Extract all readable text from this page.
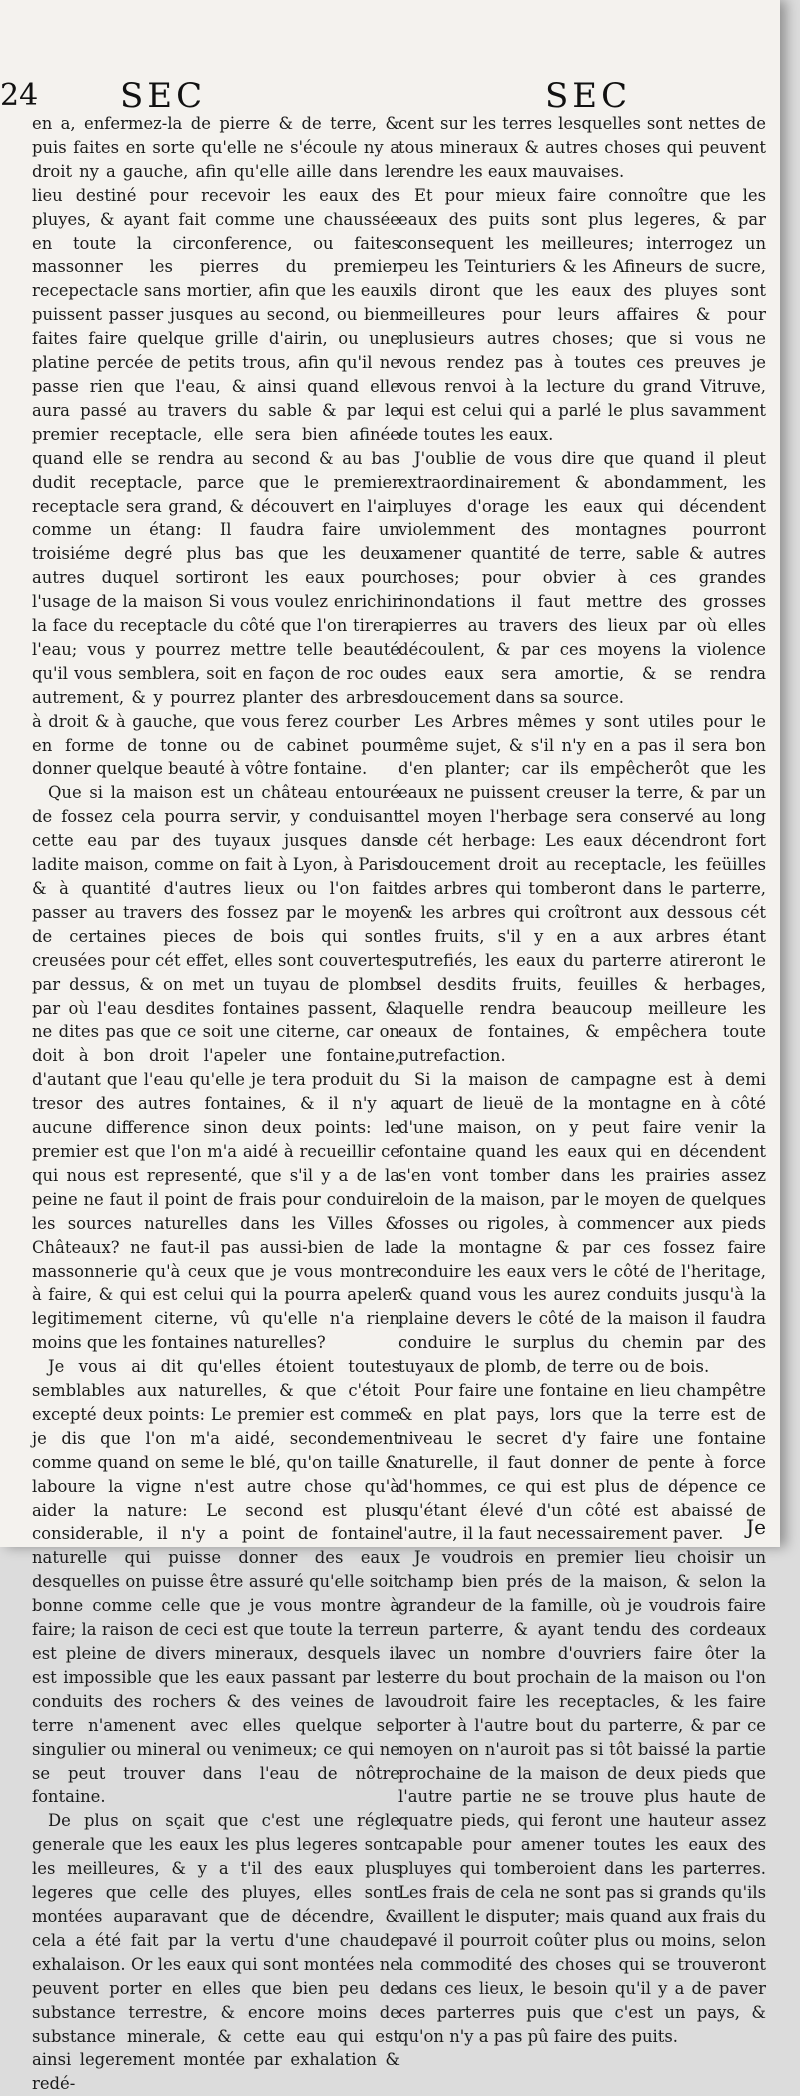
24 SEC	SEC

en a, enfermez-la de pierre & de terre, & puis faites en sorte qu'elle ne s'écoule ny a droit ny a gauche, afin qu'elle aille dans le lieu destiné pour recevoir les eaux des pluyes, & ayant fait comme une chaussée en toute la circonference, ou faites massonner les pierres du premier recepectacle sans mortier, afin que les eaux puissent passer jusques au second, ou bien faites faire quelque grille d'airin, ou une platine percée de petits trous, afin qu'il ne passe rien que l'eau, & ainsi quand elle aura passé au travers du sable & par le premier receptacle, elle sera bien afinée quand elle se rendra au second & au bas dudit receptacle, parce que le premier receptacle sera grand, & découvert en l'air comme un étang: Il faudra faire un troisiéme degré plus bas que les deux autres duquel sortiront les eaux pour l'usage de la maison Si vous voulez enrichir la face du receptacle du côté que l'on tirera l'eau; vous y pourrez mettre telle beauté qu'il vous semblera, soit en façon de roc ou autrement, & y pourrez planter des arbres à droit & à gauche, que vous ferez courber en forme de tonne ou de cabinet pour donner quelque beauté à vôtre fontaine.

Que si la maison est un château entouré de fossez cela pourra servir, y conduisant cette eau par des tuyaux jusques dans ladite maison, comme on fait à Lyon, à Paris & à quantité d'autres lieux ou l'on fait passer au travers des fossez par le moyen de certaines pieces de bois qui sont creusées pour cét effet, elles sont couvertes par dessus, & on met un tuyau de plomb par où l'eau desdites fontaines passent, & ne dites pas que ce soit une citerne, car on doit à bon droit l'apeler une fontaine, d'autant que l'eau qu'elle je tera produit du tresor des autres fontaines, & il n'y a aucune difference sinon deux points: le premier est que l'on m'a aidé à recueillir ce qui nous est representé, que s'il y a de la peine ne faut il point de frais pour conduire les sources naturelles dans les Villes & Châteaux? ne faut-il pas aussi-bien de la massonnerie qu'à ceux que je vous montre à faire, & qui est celui qui la pourra apeler legitimement citerne, vû qu'elle n'a rien moins que les fontaines naturelles?

Je vous ai dit qu'elles étoient toutes semblables aux naturelles, & que c'étoit excepté deux points: Le premier est comme je dis que l'on m'a aidé, secondement comme quand on seme le blé, qu'on taille & laboure la vigne n'est autre chose qu'à aider la nature: Le second est plus considerable, il n'y a point de fontaine naturelle qui puisse donner des eaux desquelles on puisse être assuré qu'elle soit bonne comme celle que je vous montre à faire; la raison de ceci est que toute la terre est pleine de divers mineraux, desquels il est impossible que les eaux passant par les conduits des rochers & des veines de la terre n'amenent avec elles quelque sel singulier ou mineral ou venimeux; ce qui ne se peut trouver dans l'eau de nôtre fontaine.

De plus on sçait que c'est une régle generale que les eaux les plus legeres sont les meilleures, & y a t'il des eaux plus legeres que celle des pluyes, elles sont montées auparavant que de décendre, & cela a été fait par la vertu d'une chaude exhalaison. Or les eaux qui sont montées ne peuvent porter en elles que bien peu de substance terrestre, & encore moins de substance minerale, & cette eau qui est ainsi legerement montée par exhalation & redé-

cent sur les terres lesquelles sont nettes de tous mineraux & autres choses qui peuvent rendre les eaux mauvaises.

Et pour mieux faire connoître que les eaux des puits sont plus legeres, & par consequent les meilleures; interrogez un peu les Teinturiers & les Afineurs de sucre, ils diront que les eaux des pluyes sont meilleures pour leurs affaires & pour plusieurs autres choses; que si vous ne vous rendez pas à toutes ces preuves je vous renvoi à la lecture du grand Vitruve, qui est celui qui a parlé le plus savamment de toutes les eaux.

J'oublie de vous dire que quand il pleut extraordinairement & abondamment, les pluyes d'orage les eaux qui décendent violemment des montagnes pourront amener quantité de terre, sable & autres choses; pour obvier à ces grandes inondations il faut mettre des grosses pierres au travers des lieux par où elles découlent, & par ces moyens la violence des eaux sera amortie, & se rendra doucement dans sa source.

Les Arbres mêmes y sont utiles pour le même sujet, & s'il n'y en a pas il sera bon d'en planter; car ils empêcherôt que les eaux ne puissent creuser la terre, & par un tel moyen l'herbage sera conservé au long de cét herbage: Les eaux décendront fort doucement droit au receptacle, les feüilles des arbres qui tomberont dans le parterre, & les arbres qui croîtront aux dessous cét les fruits, s'il y en a aux arbres étant putrefiés, les eaux du parterre atireront le sel desdits fruits, feuilles & herbages, laquelle rendra beaucoup meilleure les eaux de fontaines, & empêchera toute putrefaction.

Si la maison de campagne est à demi quart de lieuë de la montagne en à côté d'une maison, on y peut faire venir la fontaine quand les eaux qui en décendent s'en vont tomber dans les prairies assez loin de la maison, par le moyen de quelques fosses ou rigoles, à commencer aux pieds de la montagne & par ces fossez faire conduire les eaux vers le côté de l'heritage, & quand vous les aurez conduits jusqu'à la plaine devers le côté de la maison il faudra conduire le surplus du chemin par des tuyaux de plomb, de terre ou de bois.

Pour faire une fontaine en lieu champêtre & en plat pays, lors que la terre est de niveau le secret d'y faire une fontaine naturelle, il faut donner de pente à force d'hommes, ce qui est plus de dépence ce qu'étant élevé d'un côté est abaissé de l'autre, il la faut necessairement paver.

Je voudrois en premier lieu choisir un champ bien prés de la maison, & selon la grandeur de la famille, où je voudrois faire un parterre, & ayant tendu des cordeaux avec un nombre d'ouvriers faire ôter la terre du bout prochain de la maison ou l'on voudroit faire les receptacles, & les faire porter à l'autre bout du parterre, & par ce moyen on n'auroit pas si tôt baissé la partie prochaine de la maison de deux pieds que l'autre partie ne se trouve plus haute de quatre pieds, qui feront une hauteur assez capable pour amener toutes les eaux des pluyes qui tomberoient dans les parterres. Les frais de cela ne sont pas si grands qu'ils vaillent le disputer; mais quand aux frais du pavé il pourroit coûter plus ou moins, selon la commodité des choses qui se trouveront dans ces lieux, le besoin qu'il y a de paver ces parterres puis que c'est un pays, & qu'on n'y a pas pû faire des puits.

Je
